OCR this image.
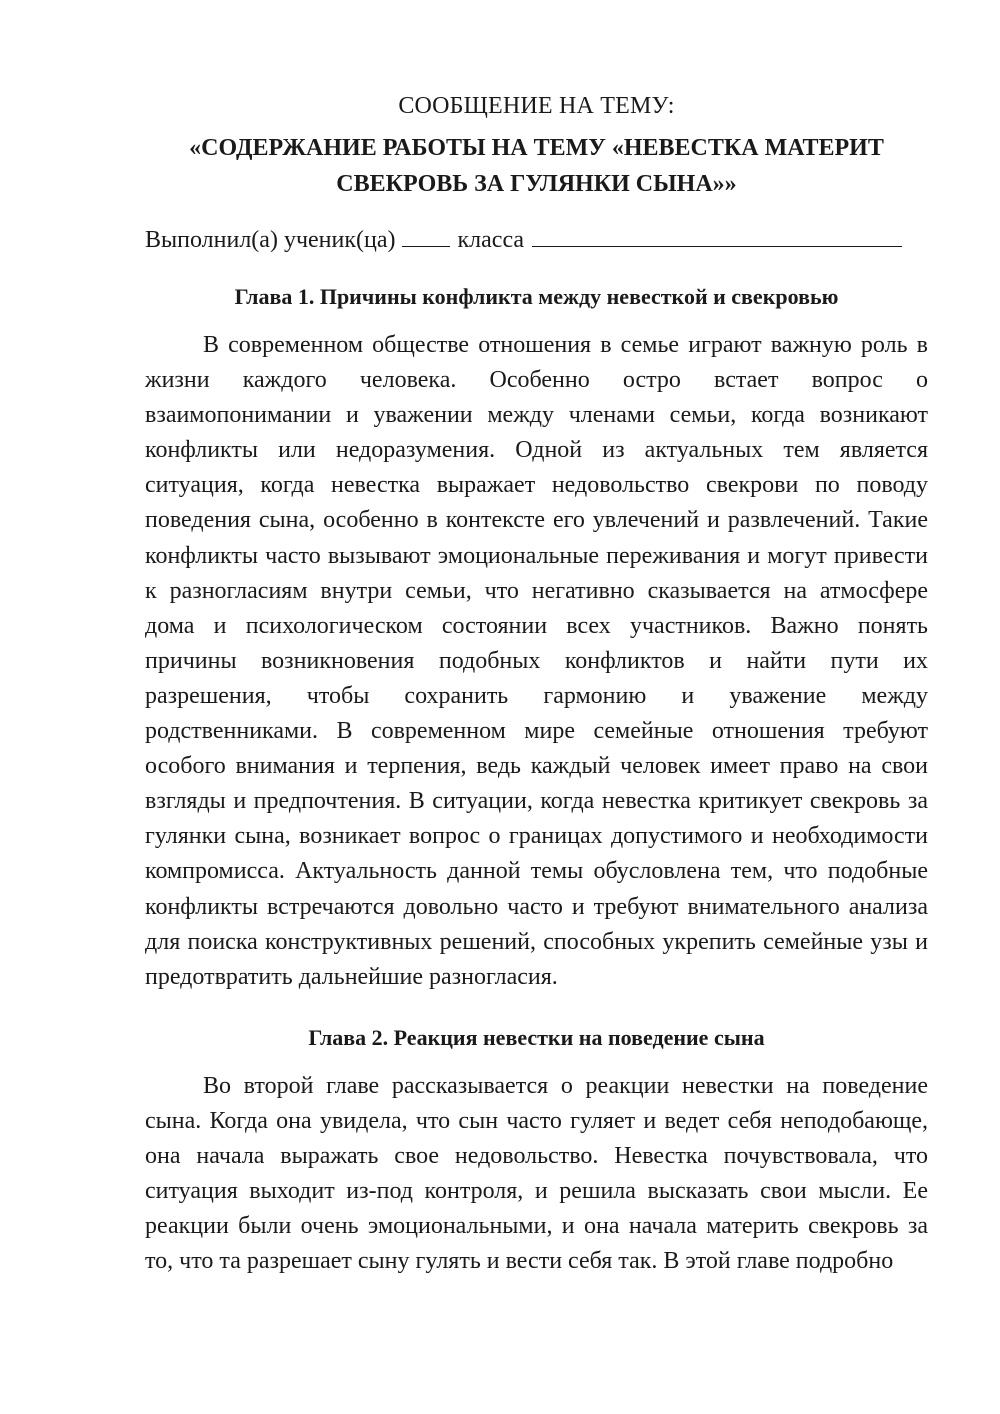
СООБЩЕНИЕ НА ТЕМУ:

«СОДЕРЖАНИЕ РАБОТЫ НА ТЕМУ «НЕВЕСТКА МАТЕРИТ
СВЕКРОВЬ ЗА ГУЛЯНКИ СЫНА»»
Выполнил(а) ученик(ца)	класса
Глава 1. Причины конфликта между невесткой и свекровью

В современном обществе отношения в семье играют важную роль в жизни каждого человека. Особенно остро встает вопрос о взаимопонимании и уважении между членами семьи, когда возникают конфликты или недоразумения. Одной из актуальных тем является ситуация, когда невестка выражает недовольство свекрови по поводу поведения сына, особенно в контексте его увлечений и развлечений. Такие конфликты часто вызывают эмоциональные переживания и могут привести к разногласиям внутри семьи, что негативно сказывается на атмосфере дома и психологическом состоянии всех участников. Важно понять причины возникновения подобных конфликтов и найти пути их разрешения, чтобы сохранить гармонию и уважение между родственниками. В современном мире семейные отношения требуют особого внимания и терпения, ведь каждый человек имеет право на свои взгляды и предпочтения. В ситуации, когда невестка критикует свекровь за гулянки сына, возникает вопрос о границах допустимого и необходимости компромисса. Актуальность данной темы обусловлена тем, что подобные конфликты встречаются довольно часто и требуют внимательного анализа для поиска конструктивных решений, способных укрепить семейные узы и предотвратить дальнейшие разногласия.

Глава 2. Реакция невестки на поведение сына

Во второй главе рассказывается о реакции невестки на поведение сына. Когда она увидела, что сын часто гуляет и ведет себя неподобающе, она начала выражать свое недовольство. Невестка почувствовала, что ситуация выходит из-под контроля, и решила высказать свои мысли. Ее реакции были очень эмоциональными, и она начала материть свекровь за то, что та разрешает сыну гулять и вести себя так. В этой главе подробно
